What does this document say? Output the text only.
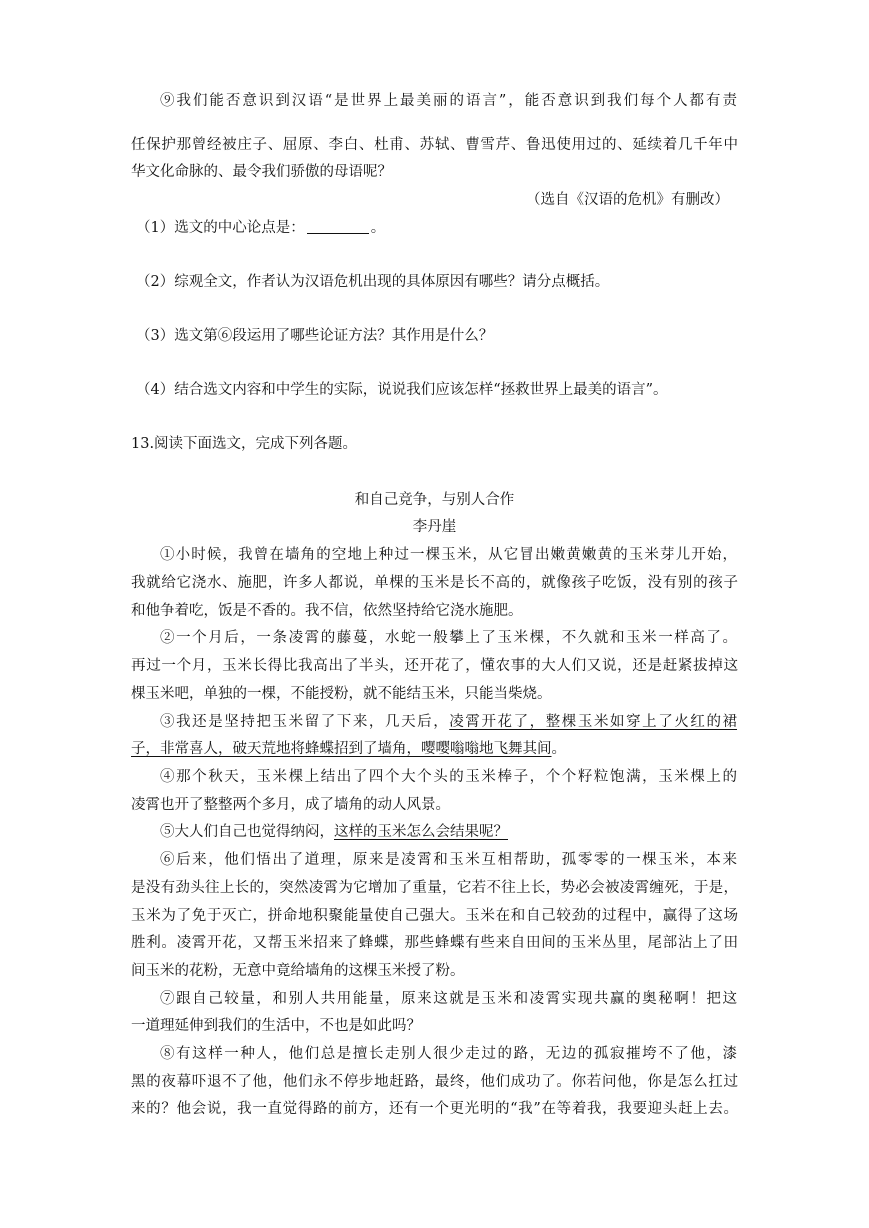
⑨我们能否意识到汉语“是世界上最美丽的语言”，能否意识到我们每个人都有责
任保护那曾经被庄子、屈原、李白、杜甫、苏轼、曹雪芹、鲁迅使用过的、延续着几千年中
华文化命脉的、最令我们骄傲的母语呢？
（选自《汉语的危机》有删改）
（1）选文的中心论点是：	。
（2）综观全文，作者认为汉语危机出现的具体原因有哪些？请分点概括。
（3）选文第⑥段运用了哪些论证方法？其作用是什么？
（4）结合选文内容和中学生的实际，说说我们应该怎样“拯救世界上最美的语言”。
13.阅读下面选文，完成下列各题。
和自己竞争，与别人合作
李丹崖
①小时候，我曾在墙角的空地上种过一棵玉米，从它冒出嫩黄嫩黄的玉米芽儿开始，
我就给它浇水、施肥，许多人都说，单棵的玉米是长不高的，就像孩子吃饭，没有别的孩子
和他争着吃，饭是不香的。我不信，依然坚持给它浇水施肥。
②一个月后，一条凌霄的藤蔓，水蛇一般攀上了玉米棵，不久就和玉米一样高了。
再过一个月，玉米长得比我高出了半头，还开花了，懂农事的大人们又说，还是赶紧拔掉这
棵玉米吧，单独的一棵，不能授粉，就不能结玉米，只能当柴烧。
③我还是坚持把玉米留了下来，几天后，凌霄开花了，整棵玉米如穿上了火红的裙
子，非常喜人，破天荒地将蜂蝶招到了墙角，嘤嘤嗡嗡地飞舞其间。
④那个秋天，玉米棵上结出了四个大个头的玉米棒子，个个籽粒饱满，玉米棵上的
凌霄也开了整整两个多月，成了墙角的动人风景。
⑤大人们自己也觉得纳闷，这样的玉米怎么会结果呢？
⑥后来，他们悟出了道理，原来是凌霄和玉米互相帮助，孤零零的一棵玉米，本来
是没有劲头往上长的，突然凌霄为它增加了重量，它若不往上长，势必会被凌霄缠死，于是，
玉米为了免于灭亡，拼命地积聚能量使自己强大。玉米在和自己较劲的过程中，赢得了这场
胜利。凌霄开花，又帮玉米招来了蜂蝶，那些蜂蝶有些来自田间的玉米丛里，尾部沾上了田
间玉米的花粉，无意中竟给墙角的这棵玉米授了粉。
⑦跟自己较量，和别人共用能量，原来这就是玉米和凌霄实现共赢的奥秘啊！把这
一道理延伸到我们的生活中，不也是如此吗？
⑧有这样一种人，他们总是擅长走别人很少走过的路，无边的孤寂摧垮不了他，漆
黑的夜幕吓退不了他，他们永不停步地赶路，最终，他们成功了。你若问他，你是怎么扛过
来的？他会说，我一直觉得路的前方，还有一个更光明的“我”在等着我，我要迎头赶上去。
